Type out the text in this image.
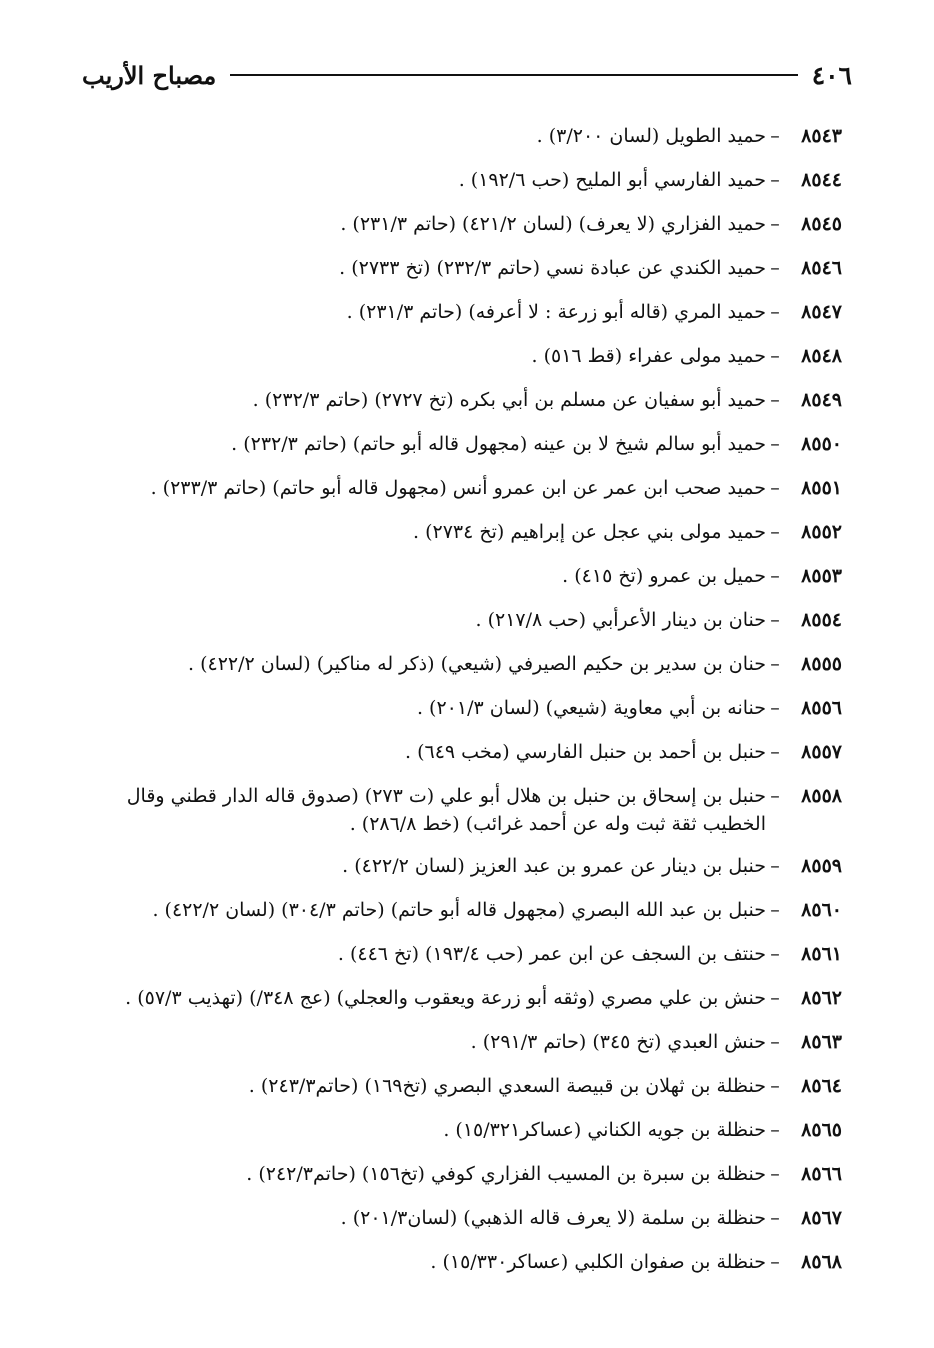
٤٠٦
مصباح الأريب
٨٥٤٣–حميد الطويل (لسان ٣/٢٠٠) .
٨٥٤٤–حميد الفارسي أبو المليح (حب ١٩٢/٦) .
٨٥٤٥–حميد الفزاري (لا يعرف) (لسان ٤٢١/٢) (حاتم ٢٣١/٣) .
٨٥٤٦–حميد الكندي عن عبادة نسي (حاتم ٢٣٢/٣) (تخ ٢٧٣٣) .
٨٥٤٧–حميد المري (قاله أبو زرعة : لا أعرفه) (حاتم ٢٣١/٣) .
٨٥٤٨–حميد مولى عفراء (قط ٥١٦) .
٨٥٤٩–حميد أبو سفيان عن مسلم بن أبي بكره (تخ ٢٧٢٧) (حاتم ٢٣٢/٣) .
٨٥٥٠–حميد أبو سالم شيخ لا بن عينه (مجهول قاله أبو حاتم) (حاتم ٢٣٢/٣) .
٨٥٥١–حميد صحب ابن عمر عن ابن عمرو أنس (مجهول قاله أبو حاتم) (حاتم ٢٣٣/٣) .
٨٥٥٢–حميد مولى بني عجل عن إبراهيم (تخ ٢٧٣٤) .
٨٥٥٣–حميل بن عمرو (تخ ٤١٥) .
٨٥٥٤–حنان بن دينار الأعرأبي (حب ٢١٧/٨) .
٨٥٥٥–حنان بن سدير بن حكيم الصيرفي (شيعي) (ذكر له مناكير) (لسان ٤٢٢/٢) .
٨٥٥٦–حنانه بن أبي معاوية (شيعي) (لسان ٢٠١/٣) .
٨٥٥٧–حنبل بن أحمد بن حنبل الفارسي (مخب ٦٤٩) .
٨٥٥٨–حنبل بن إسحاق بن حنبل بن هلال أبو علي (ت ٢٧٣) (صدوق قاله الدار قطني وقال الخطيب ثقة ثبت وله عن أحمد غرائب) (خط ٢٨٦/٨) .
٨٥٥٩–حنبل بن دينار عن عمرو بن عبد العزيز (لسان ٤٢٢/٢) .
٨٥٦٠–حنبل بن عبد الله البصري (مجهول قاله أبو حاتم) (حاتم ٣٠٤/٣) (لسان ٤٢٢/٢) .
٨٥٦١–حنتف بن السجف عن ابن عمر (حب ١٩٣/٤) (تخ ٤٤٦) .
٨٥٦٢–حنش بن علي مصري (وثقه أبو زرعة ويعقوب والعجلي) (عج ٣٤٨/) (تهذيب ٥٧/٣) .
٨٥٦٣–حنش العبدي (تخ ٣٤٥) (حاتم ٢٩١/٣) .
٨٥٦٤–حنظلة بن ثهلان بن قبيصة السعدي البصري (تخ١٦٩) (حاتم٢٤٣/٣) .
٨٥٦٥–حنظلة بن جويه الكناني (عساكر١٥/٣٢١) .
٨٥٦٦–حنظلة بن سبرة بن المسيب الفزاري كوفي (تخ١٥٦) (حاتم٢٤٢/٣) .
٨٥٦٧–حنظلة بن سلمة (لا يعرف قاله الذهبي) (لسان٢٠١/٣) .
٨٥٦٨–حنظلة بن صفوان الكلبي (عساكر١٥/٣٣٠) .
